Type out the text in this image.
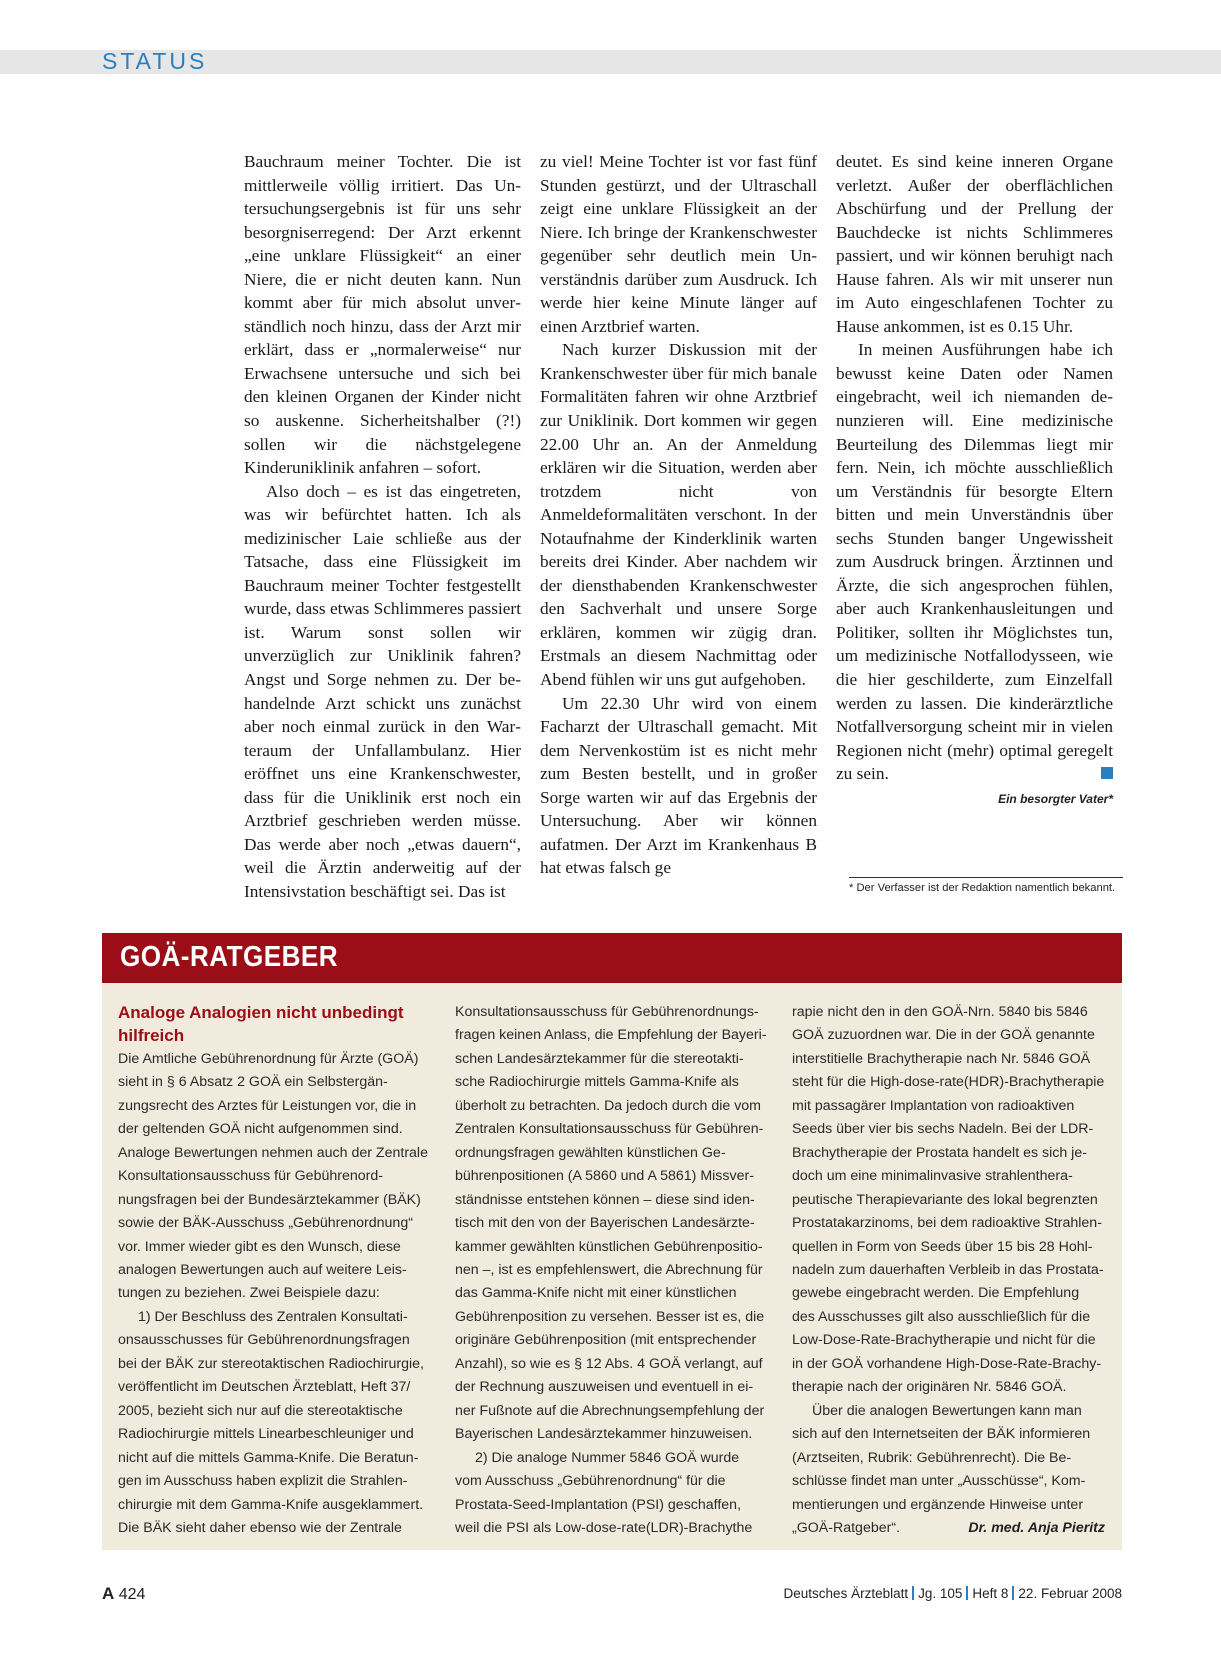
STATUS

Bauchraum meiner Tochter. Die ist mittlerweile völlig irritiert. Das Untersuchungsergebnis ist für uns sehr besorgniserregend: Der Arzt erkennt „eine unklare Flüssigkeit“ an einer Niere, die er nicht deuten kann. Nun kommt aber für mich absolut unverständlich noch hinzu, dass der Arzt mir erklärt, dass er „normalerweise“ nur Erwachsene untersuche und sich bei den kleinen Organen der Kinder nicht so auskenne. Sicherheitshalber (?!) sollen wir die nächstgelegene Kinderuniklinik anfahren – sofort.

Also doch – es ist das eingetreten, was wir befürchtet hatten. Ich als medizinischer Laie schließe aus der Tatsache, dass eine Flüssigkeit im Bauchraum meiner Tochter festgestellt wurde, dass etwas Schlimmeres passiert ist. Warum sonst sollen wir unverzüglich zur Uniklinik fahren? Angst und Sorge nehmen zu. Der behandelnde Arzt schickt uns zunächst aber noch einmal zurück in den Warteraum der Unfallambulanz. Hier eröffnet uns eine Krankenschwester, dass für die Uniklinik erst noch ein Arztbrief geschrieben werden müsse. Das werde aber noch „etwas dauern“, weil die Ärztin anderweitig auf der Intensivstation beschäftigt sei. Das ist

zu viel! Meine Tochter ist vor fast fünf Stunden gestürzt, und der Ultraschall zeigt eine unklare Flüssigkeit an der Niere. Ich bringe der Krankenschwester gegenüber sehr deutlich mein Unverständnis darüber zum Ausdruck. Ich werde hier keine Minute länger auf einen Arztbrief warten.

Nach kurzer Diskussion mit der Krankenschwester über für mich banale Formalitäten fahren wir ohne Arztbrief zur Uniklinik. Dort kommen wir gegen 22.00 Uhr an. An der Anmeldung erklären wir die Situation, werden aber trotzdem nicht von Anmeldeformalitäten verschont. In der Notaufnahme der Kinderklinik warten bereits drei Kinder. Aber nachdem wir der diensthabenden Krankenschwester den Sachverhalt und unsere Sorge erklären, kommen wir zügig dran. Erstmals an diesem Nachmittag oder Abend fühlen wir uns gut aufgehoben.

Um 22.30 Uhr wird von einem Facharzt der Ultraschall gemacht. Mit dem Nervenkostüm ist es nicht mehr zum Besten bestellt, und in großer Sorge warten wir auf das Ergebnis der Untersuchung. Aber wir können aufatmen. Der Arzt im Krankenhaus B hat etwas falsch ge

deutet. Es sind keine inneren Organe verletzt. Außer der oberflächlichen Abschürfung und der Prellung der Bauchdecke ist nichts Schlimmeres passiert, und wir können beruhigt nach Hause fahren. Als wir mit unserer nun im Auto eingeschlafenen Tochter zu Hause ankommen, ist es 0.15 Uhr.

In meinen Ausführungen habe ich bewusst keine Daten oder Namen eingebracht, weil ich niemanden denunzieren will. Eine medizinische Beurteilung des Dilemmas liegt mir fern. Nein, ich möchte ausschließlich um Verständnis für besorgte Eltern bitten und mein Unverständnis über sechs Stunden banger Ungewissheit zum Ausdruck bringen. Ärztinnen und Ärzte, die sich angesprochen fühlen, aber auch Krankenhausleitungen und Politiker, sollten ihr Möglichstes tun, um medizinische Notfallodysseen, wie die hier geschilderte, zum Einzelfall werden zu lassen. Die kinderärztliche Notfallversorgung scheint mir in vielen Regionen nicht (mehr) optimal geregelt zu sein.

Ein besorgter Vater*
* Der Verfasser ist der Redaktion namentlich bekannt.
GOÄ-RATGEBER
Analoge Analogien nicht unbedingt hilfreich

Die Amtliche Gebührenordnung für Ärzte (GOÄ) sieht in § 6 Absatz 2 GOÄ ein Selbstergänzungsrecht des Arztes für Leistungen vor, die in der geltenden GOÄ nicht aufgenommen sind. Analoge Bewertungen nehmen auch der Zentrale Konsultationsausschuss für Gebührenordnungsfragen bei der Bundesärztekammer (BÄK) sowie der BÄK-Ausschuss „Gebührenordnung“ vor. Immer wieder gibt es den Wunsch, diese analogen Bewertungen auch auf weitere Leistungen zu beziehen. Zwei Beispiele dazu:

1) Der Beschluss des Zentralen Konsultationsausschusses für Gebührenordnungsfragen bei der BÄK zur stereotaktischen Radiochirurgie, veröffentlicht im Deutschen Ärzteblatt, Heft 37/ 2005, bezieht sich nur auf die stereotaktische Radiochirurgie mittels Linearbeschleuniger und nicht auf die mittels Gamma-Knife. Die Beratungen im Ausschuss haben explizit die Strahlenchirurgie mit dem Gamma-Knife ausgeklammert. Die BÄK sieht daher ebenso wie der Zentrale

Konsultationsausschuss für Gebührenordnungsfragen keinen Anlass, die Empfehlung der Bayerischen Landesärztekammer für die stereotaktische Radiochirurgie mittels Gamma-Knife als überholt zu betrachten. Da jedoch durch die vom Zentralen Konsultationsausschuss für Gebührenordnungsfragen gewählten künstlichen Gebührenpositionen (A 5860 und A 5861) Missverständnisse entstehen können – diese sind identisch mit den von der Bayerischen Landesärztekammer gewählten künstlichen Gebührenpositionen –, ist es empfehlenswert, die Abrechnung für das Gamma-Knife nicht mit einer künstlichen Gebührenposition zu versehen. Besser ist es, die originäre Gebührenposition (mit entsprechender Anzahl), so wie es § 12 Abs. 4 GOÄ verlangt, auf der Rechnung auszuweisen und eventuell in einer Fußnote auf die Abrechnungsempfehlung der Bayerischen Landesärztekammer hinzuweisen.

2) Die analoge Nummer 5846 GOÄ wurde vom Ausschuss „Gebührenordnung“ für die Prostata-Seed-Implantation (PSI) geschaffen, weil die PSI als Low-dose-rate(LDR)-Brachythe

rapie nicht den in den GOÄ-Nrn. 5840 bis 5846 GOÄ zuzuordnen war. Die in der GOÄ genannte interstitielle Brachytherapie nach Nr. 5846 GOÄ steht für die High-dose-rate(HDR)-Brachytherapie mit passagärer Implantation von radioaktiven Seeds über vier bis sechs Nadeln. Bei der LDR-Brachytherapie der Prostata handelt es sich jedoch um eine minimalinvasive strahlentherapeutische Therapievariante des lokal begrenzten Prostatakarzinoms, bei dem radioaktive Strahlenquellen in Form von Seeds über 15 bis 28 Hohlnadeln zum dauerhaften Verbleib in das Prostatagewebe eingebracht werden. Die Empfehlung des Ausschusses gilt also ausschließlich für die Low-Dose-Rate-Brachytherapie und nicht für die in der GOÄ vorhandene High-Dose-Rate-Brachytherapie nach der originären Nr. 5846 GOÄ.

Über die analogen Bewertungen kann man sich auf den Internetseiten der BÄK informieren (Arztseiten, Rubrik: Gebührenrecht). Die Beschlüsse findet man unter „Ausschüsse“, Kommentierungen und ergänzende Hinweise unter „GOÄ-Ratgeber“.	Dr. med. Anja Pieritz

A 424	Deutsches Ärzteblatt Jg. 105 Heft 8 22. Februar 2008
